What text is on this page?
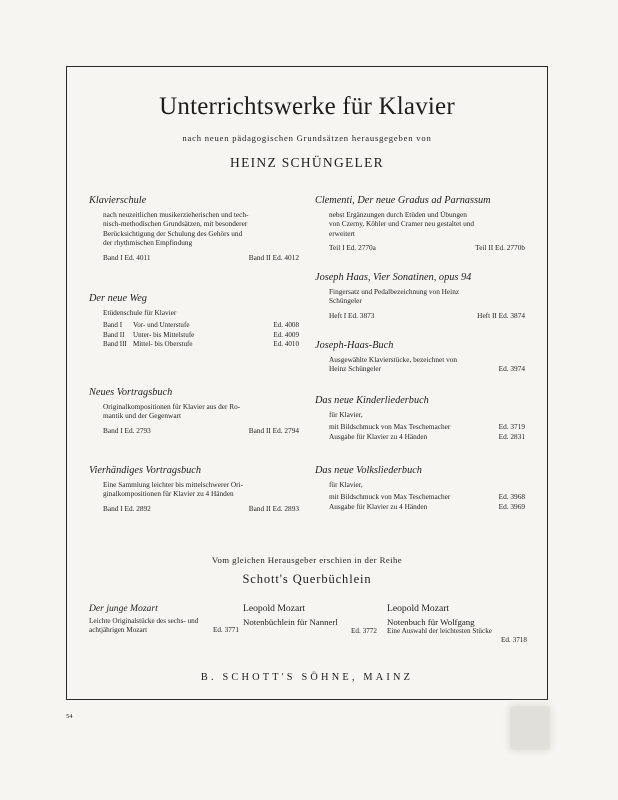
Unterrichtswerke für Klavier
nach neuen pädagogischen Grundsätzen herausgegeben von
HEINZ SCHÜNGELER
Klavierschule

nach neuzeitlichen musikerzieherischen und tech-
nisch-methodischen Grundsätzen, mit besonderer
Berücksichtigung der Schulung des Gehörs und
der rhythmischen Empfindung

Band I Ed. 4011	Band II Ed. 4012
Der neue Weg

Etüdenschule für Klavier

Band I	Vor- und Unterstufe	Ed. 4008
Band II	Unter- bis Mittelstufe	Ed. 4009
Band III Mittel- bis Oberstufe	Ed. 4010
Neues Vortragsbuch

Originalkompositionen für Klavier aus der Ro-
mantik und der Gegenwart

Band I Ed. 2793	Band II Ed. 2794
Vierhändiges Vortragsbuch

Eine Sammlung leichter bis mittelschwerer Ori-
ginalkompositionen für Klavier zu 4 Händen

Band I Ed. 2892	Band II Ed. 2893
Clementi, Der neue Gradus ad Parnassum

nebst Ergänzungen durch Etüden und Übungen
von Czerny, Köhler und Cramer neu gestaltet und
erweitert

Teil I Ed. 2770a	Teil II Ed. 2770b
Joseph Haas, Vier Sonatinen, opus 94

Fingersatz und Pedalbezeichnung von Heinz
Schüngeler

Heft I Ed. 3873	Heft II Ed. 3874
Joseph-Haas-Buch

Ausgewählte Klavierstücke, bezeichnet von

Heinz Schüngeler	Ed. 3974
Das neue Kinderliederbuch

für Klavier,

mit Bildschmuck von Max Teschemacher	Ed. 3719
Ausgabe für Klavier zu 4 Händen	Ed. 2831
Das neue Volksliederbuch

für Klavier,

mit Bildschmuck von Max Teschemacher	Ed. 3968
Ausgabe für Klavier zu 4 Händen	Ed. 3969
Vom gleichen Herausgeber erschien in der Reihe
Schott's Querbüchlein
Der junge Mozart
Leichte Originalstücke des sechs- und
achtjährigen Mozart	Ed. 3771
Leopold Mozart
Notenbüchlein für Nannerl
Ed. 3772
Leopold Mozart
Notenbuch für Wolfgang
Eine Auswahl der leichtesten Stücke
Ed. 3718
B. SCHOTT'S SÖHNE, MAINZ
54
